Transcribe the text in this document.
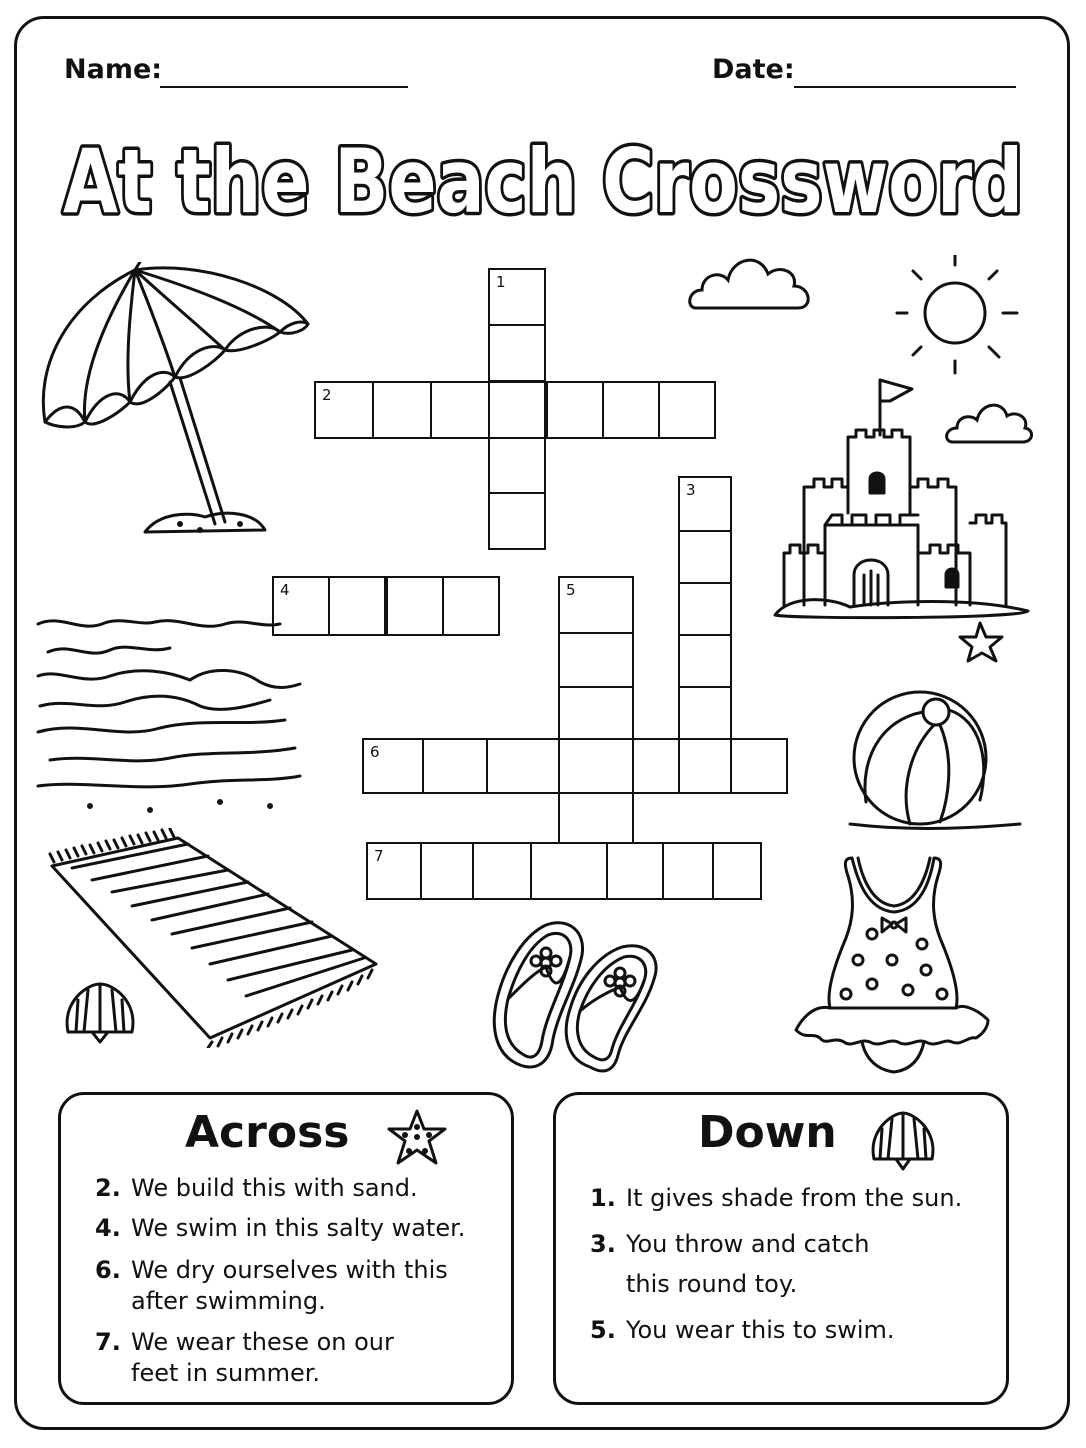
Name:	Date:
At the Beach Crossword
1
2
3
4	5
6
7
Across
2. We build this with sand.
4. We swim in this salty water.
6. We dry ourselves with this
after swimming.
7. We wear these on our
feet in summer.
Down
1. It gives shade from the sun.
3. You throw and catch
this round toy.
5. You wear this to swim.
